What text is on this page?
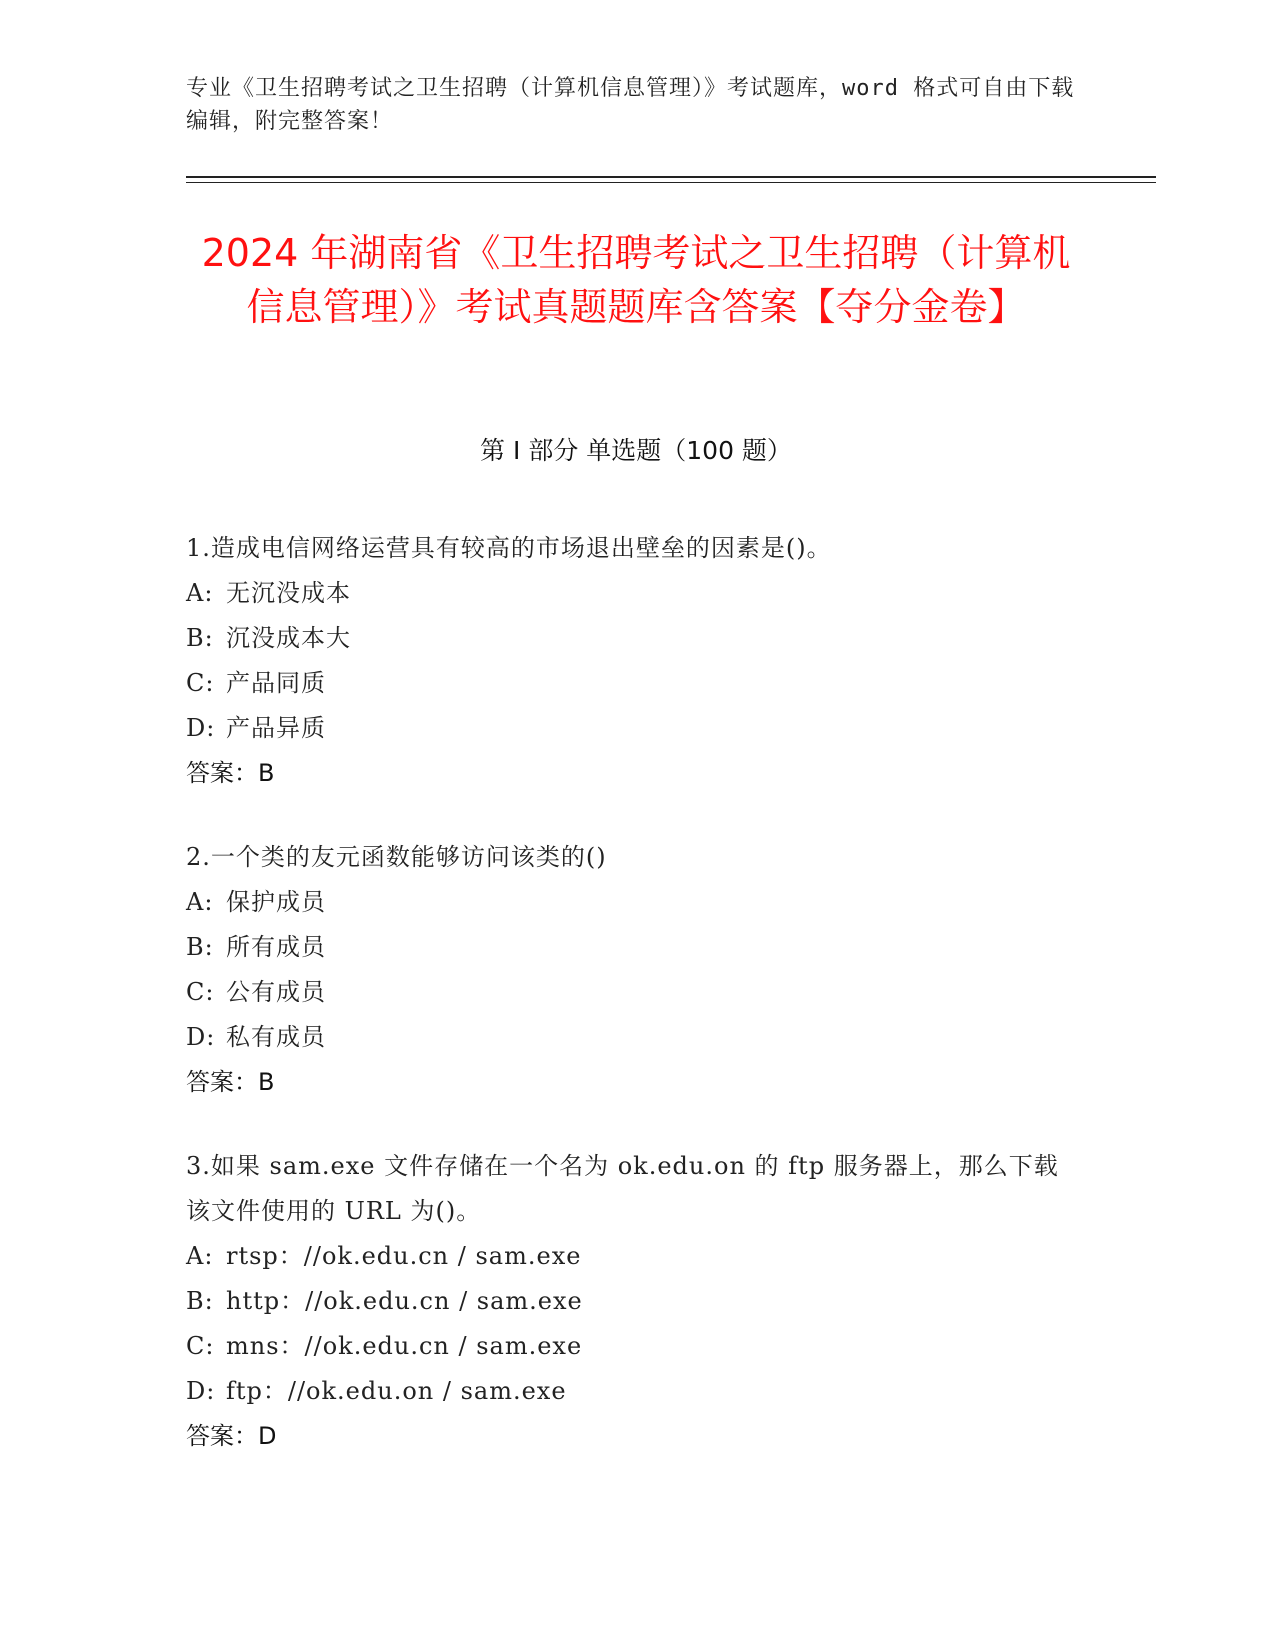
专业《卫生招聘考试之卫生招聘（计算机信息管理）》考试题库，word 格式可自由下载编辑，附完整答案！
2024 年湖南省《卫生招聘考试之卫生招聘（计算机信息管理）》考试真题题库含答案【夺分金卷】
第 I 部分 单选题（100 题）
1.造成电信网络运营具有较高的市场退出壁垒的因素是()。
A: 无沉没成本
B: 沉没成本大
C: 产品同质
D: 产品异质
答案：B
2.一个类的友元函数能够访问该类的()
A: 保护成员
B: 所有成员
C: 公有成员
D: 私有成员
答案：B
3.如果 sam.exe 文件存储在一个名为 ok.edu.on 的 ftp 服务器上，那么下载该文件使用的 URL 为()。
A: rtsp：//ok.edu.cn / sam.exe
B: http：//ok.edu.cn / sam.exe
C: mns：//ok.edu.cn / sam.exe
D: ftp：//ok.edu.on / sam.exe
答案：D
